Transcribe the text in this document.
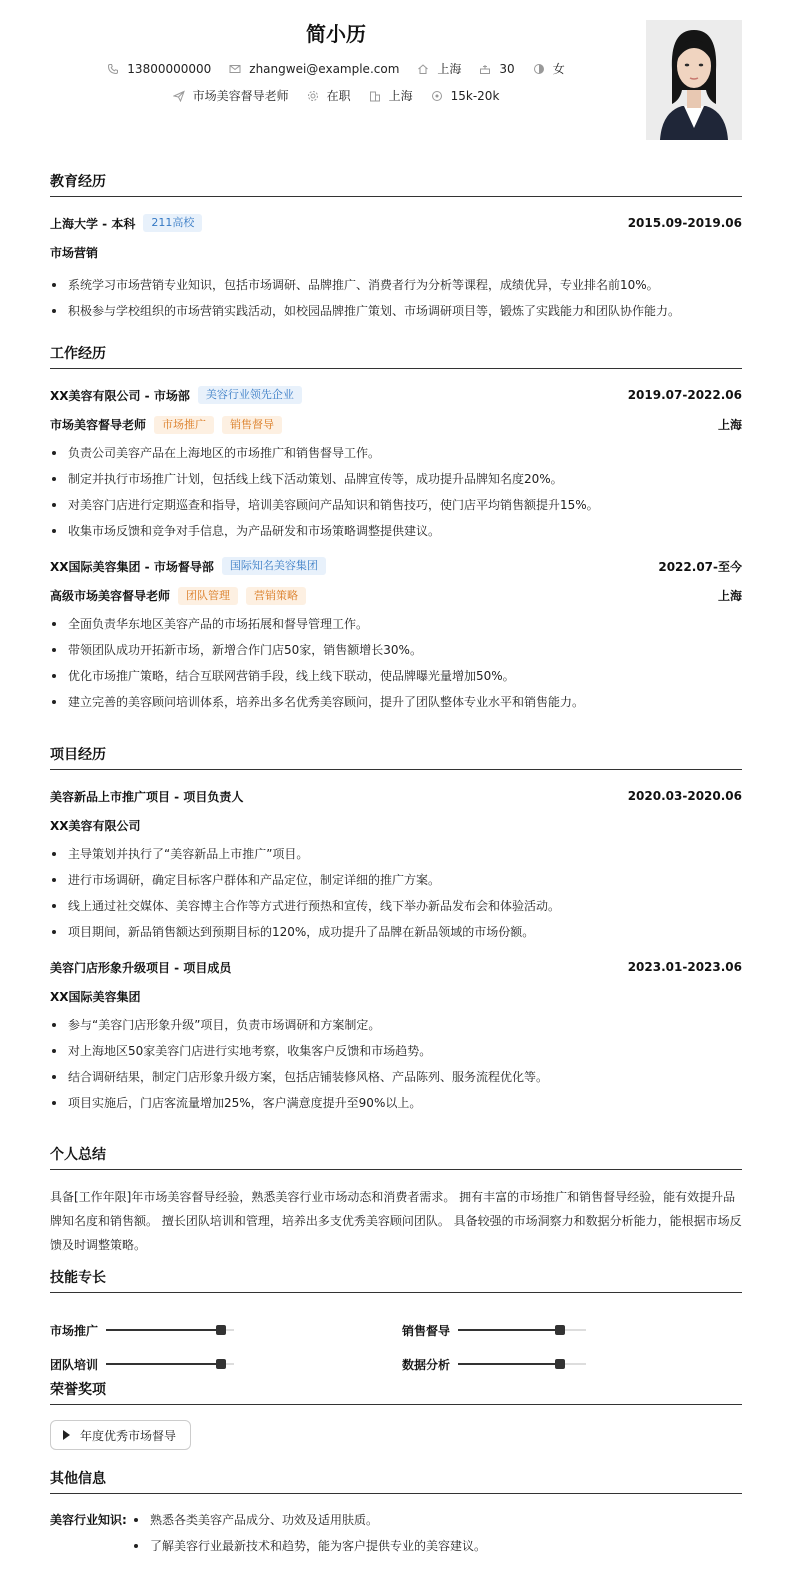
简小历
13800000000	zhangwei@example.com	上海	30	女
市场美容督导老师	在职	上海	15k-20k
教育经历
上海大学 - 本科	211高校	2015.09-2019.06
市场营销
系统学习市场营销专业知识，包括市场调研、品牌推广、消费者行为分析等课程，成绩优异，专业排名前10%。
积极参与学校组织的市场营销实践活动，如校园品牌推广策划、市场调研项目等，锻炼了实践能力和团队协作能力。
工作经历
XX美容有限公司 - 市场部	美容行业领先企业	2019.07-2022.06
市场美容督导老师	市场推广	销售督导	上海
负责公司美容产品在上海地区的市场推广和销售督导工作。
制定并执行市场推广计划，包括线上线下活动策划、品牌宣传等，成功提升品牌知名度20%。
对美容门店进行定期巡查和指导，培训美容顾问产品知识和销售技巧，使门店平均销售额提升15%。
收集市场反馈和竞争对手信息，为产品研发和市场策略调整提供建议。
XX国际美容集团 - 市场督导部	国际知名美容集团	2022.07-至今
高级市场美容督导老师	团队管理	营销策略	上海
全面负责华东地区美容产品的市场拓展和督导管理工作。
带领团队成功开拓新市场，新增合作门店50家，销售额增长30%。
优化市场推广策略，结合互联网营销手段，线上线下联动，使品牌曝光量增加50%。
建立完善的美容顾问培训体系，培养出多名优秀美容顾问，提升了团队整体专业水平和销售能力。
项目经历
美容新品上市推广项目 - 项目负责人	2020.03-2020.06
XX美容有限公司
主导策划并执行了“美容新品上市推广”项目。
进行市场调研，确定目标客户群体和产品定位，制定详细的推广方案。
线上通过社交媒体、美容博主合作等方式进行预热和宣传，线下举办新品发布会和体验活动。
项目期间，新品销售额达到预期目标的120%，成功提升了品牌在新品领域的市场份额。
美容门店形象升级项目 - 项目成员	2023.01-2023.06
XX国际美容集团
参与“美容门店形象升级”项目，负责市场调研和方案制定。
对上海地区50家美容门店进行实地考察，收集客户反馈和市场趋势。
结合调研结果，制定门店形象升级方案，包括店铺装修风格、产品陈列、服务流程优化等。
项目实施后，门店客流量增加25%，客户满意度提升至90%以上。
个人总结
具备[工作年限]年市场美容督导经验，熟悉美容行业市场动态和消费者需求。 拥有丰富的市场推广和销售督导经验，能有效提升品牌知名度和销售额。 擅长团队培训和管理，培养出多支优秀美容顾问团队。 具备较强的市场洞察力和数据分析能力，能根据市场反馈及时调整策略。
技能专长
市场推广	销售督导
团队培训	数据分析
荣誉奖项
年度优秀市场督导
其他信息
美容行业知识:	熟悉各类美容产品成分、功效及适用肤质。
了解美容行业最新技术和趋势，能为客户提供专业的美容建议。
